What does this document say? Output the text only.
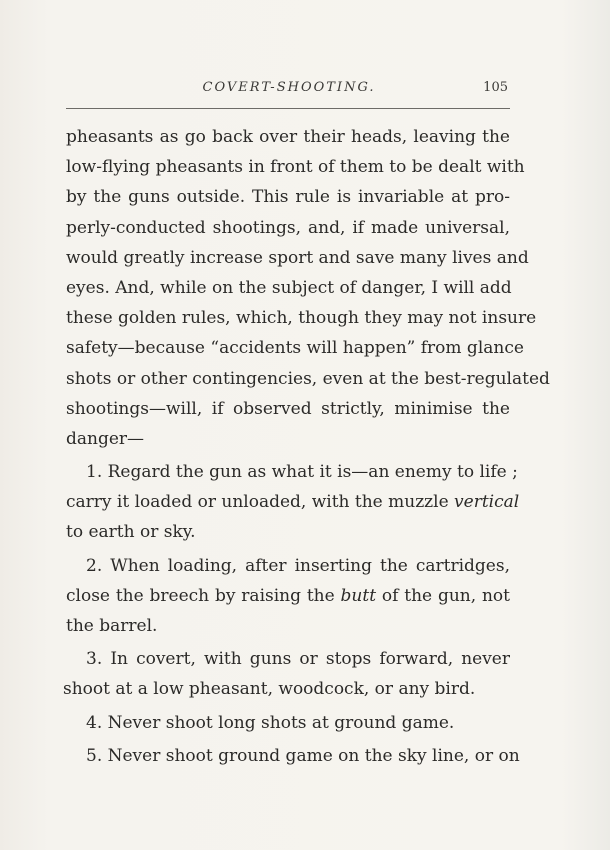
COVERT-SHOOTING.	105
pheasants as go back over their heads, leaving the
low-flying pheasants in front of them to be dealt with
by the guns outside. This rule is invariable at pro-
perly-conducted shootings, and, if made universal,
would greatly increase sport and save many lives and
eyes. And, while on the subject of danger, I will add
these golden rules, which, though they may not insure
safety—because “accidents will happen” from glance
shots or other contingencies, even at the best-regulated
shootings—will, if observed strictly, minimise the
danger—
1. Regard the gun as what it is—an enemy to life ;
carry it loaded or unloaded, with the muzzle vertical
to earth or sky.
2. When loading, after inserting the cartridges,
close the breech by raising the butt of the gun, not
the barrel.
3. In covert, with guns or stops forward, never
shoot at a low pheasant, woodcock, or any bird.
4. Never shoot long shots at ground game.
5. Never shoot ground game on the sky line, or on
